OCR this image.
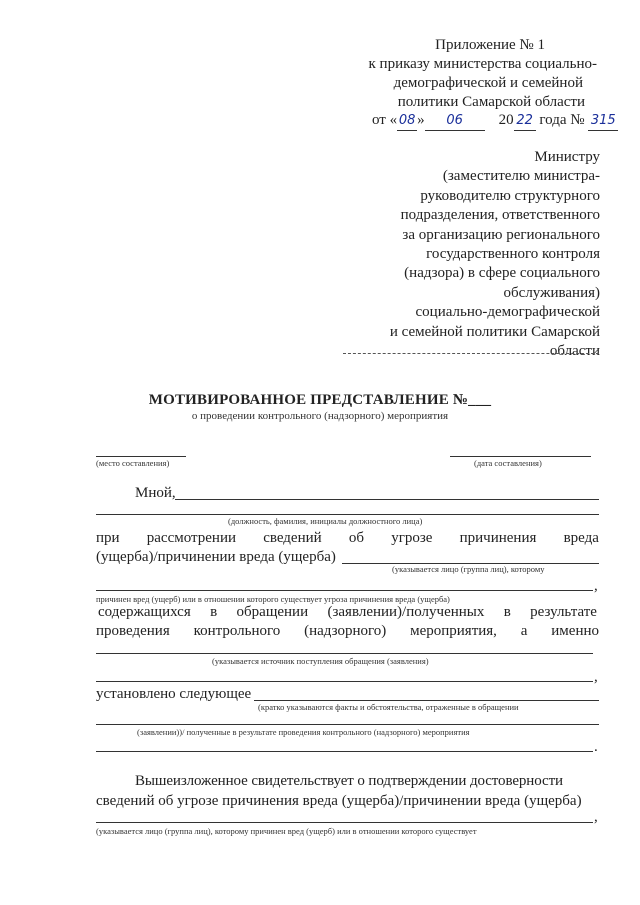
Приложение № 1
к приказу министерства социально-
демографической и семейной
политики Самарской области
от « 08 » 06 20 22 года № 315
Министру
(заместителю министра-
руководителю структурного
подразделения, ответственного
за организацию регионального
государственного контроля
(надзора) в сфере социального
обслуживания)
социально-демографической
и семейной политики Самарской
области
МОТИВИРОВАННОЕ ПРЕДСТАВЛЕНИЕ №___
о проведении контрольного (надзорного) мероприятия
(место составления)	(дата составления)
Мной,
(должность, фамилия, инициалы должностного лица)
при рассмотрении сведений об угрозе причинения вреда
(ущерба)/причинении вреда (ущерба)
(указывается лицо (группа лиц), которому
,
причинен вред (ущерб) или в отношении которого существует угроза причинения вреда (ущерба)
содержащихся в обращении (заявлении)/полученных в результате
проведения контрольного (надзорного) мероприятия, а именно
(указывается источник поступления обращения (заявления)
,
установлено следующее
(кратко указываются факты и обстоятельства, отраженные в обращении
(заявлении))/ полученные в результате проведения контрольного (надзорного) мероприятия
.
Вышеизложенное свидетельствует о подтверждении достоверности
сведений об угрозе причинения вреда (ущерба)/причинении вреда (ущерба)
,
(указывается лицо (группа лиц), которому причинен вред (ущерб) или в отношении которого существует
